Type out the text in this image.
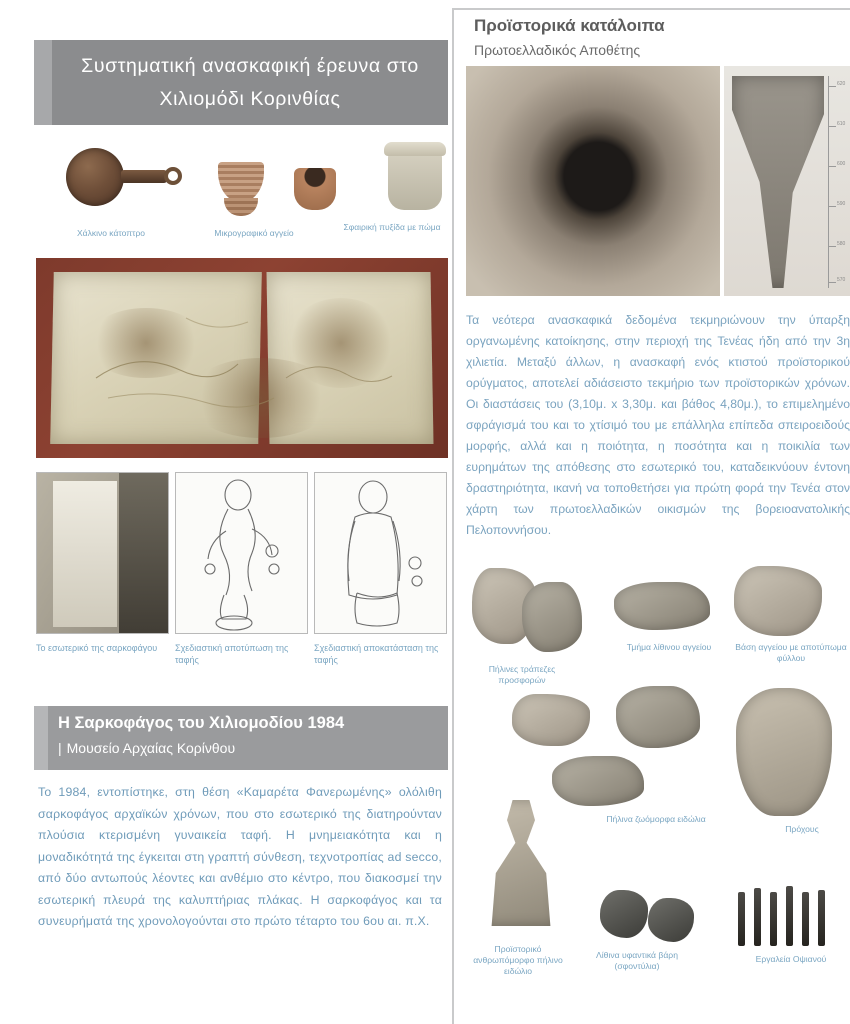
Συστηματική ανασκαφική έρευνα στο Χιλιομόδι Κορινθίας
Χάλκινο κάτοπτρο	Μικρογραφικό αγγείο
Σφαιρική πυξίδα με πώμα
Το εσωτερικό της σαρκοφάγου	Σχεδιαστική αποτύπωση της ταφής
Σχεδιαστική αποκατάσταση της ταφής
Η Σαρκοφάγος του Χιλιομοδίου 1984
| Μουσείο Αρχαίας Κορίνθου
Το 1984, εντοπίστηκε, στη θέση «Καμαρέτα Φανερωμένης» ολόλιθη σαρκοφάγος αρχαϊκών χρόνων, που στο εσωτερικό της διατηρούνταν πλούσια κτερισμένη γυναικεία ταφή. Η μνημειακότητα και η μοναδικότητά της έγκειται στη γραπτή σύνθεση, τεχνοτροπίας ad secco, από δύο αντωπούς λέοντες και ανθέμιο στο κέντρο, που διακοσμεί την εσωτερική πλευρά της καλυπτήριας πλάκας. Η σαρκοφάγος και τα συνευρήματά της χρονολογούνται στο πρώτο τέταρτο του 6ου αι. π.Χ.
Προϊστορικά κατάλοιπα
Πρωτοελλαδικός Αποθέτης
620
610
600
590
580
570
Τα νεότερα ανασκαφικά δεδομένα τεκμηριώνουν την ύπαρξη οργανωμένης κατοίκησης, στην περιοχή της Τενέας ήδη από την 3η χιλιετία. Μεταξύ άλλων, η ανασκαφή ενός κτιστού προϊστορικού ορύγματος, αποτελεί αδιάσειστο τεκμήριο των προϊστορικών χρόνων. Οι διαστάσεις του (3,10μ. x 3,30μ. και βάθος 4,80μ.), το επιμελημένο σφράγισμά του και το χτίσιμό του με επάλληλα επίπεδα σπειροειδούς μορφής, αλλά και η ποιότητα, η ποσότητα και η ποικιλία των ευρημάτων της απόθεσης στο εσωτερικό του, καταδεικνύουν έντονη δραστηριότητα, ικανή να τοποθετήσει για πρώτη φορά την Τενέα στον χάρτη των πρωτοελλαδικών οικισμών της βορειοανατολικής Πελοποννήσου.
Πήλινες τράπεζες προσφορών
Τμήμα λίθινου αγγείου	Βάση αγγείου με αποτύπωμα φύλλου
Πήλινα ζωόμορφα ειδώλια
Πρόχους
Προϊστορικό ανθρωπόμορφο πήλινο ειδώλιο
Λίθινα υφαντικά βάρη (σφοντύλια)
Εργαλεία Οψιανού
